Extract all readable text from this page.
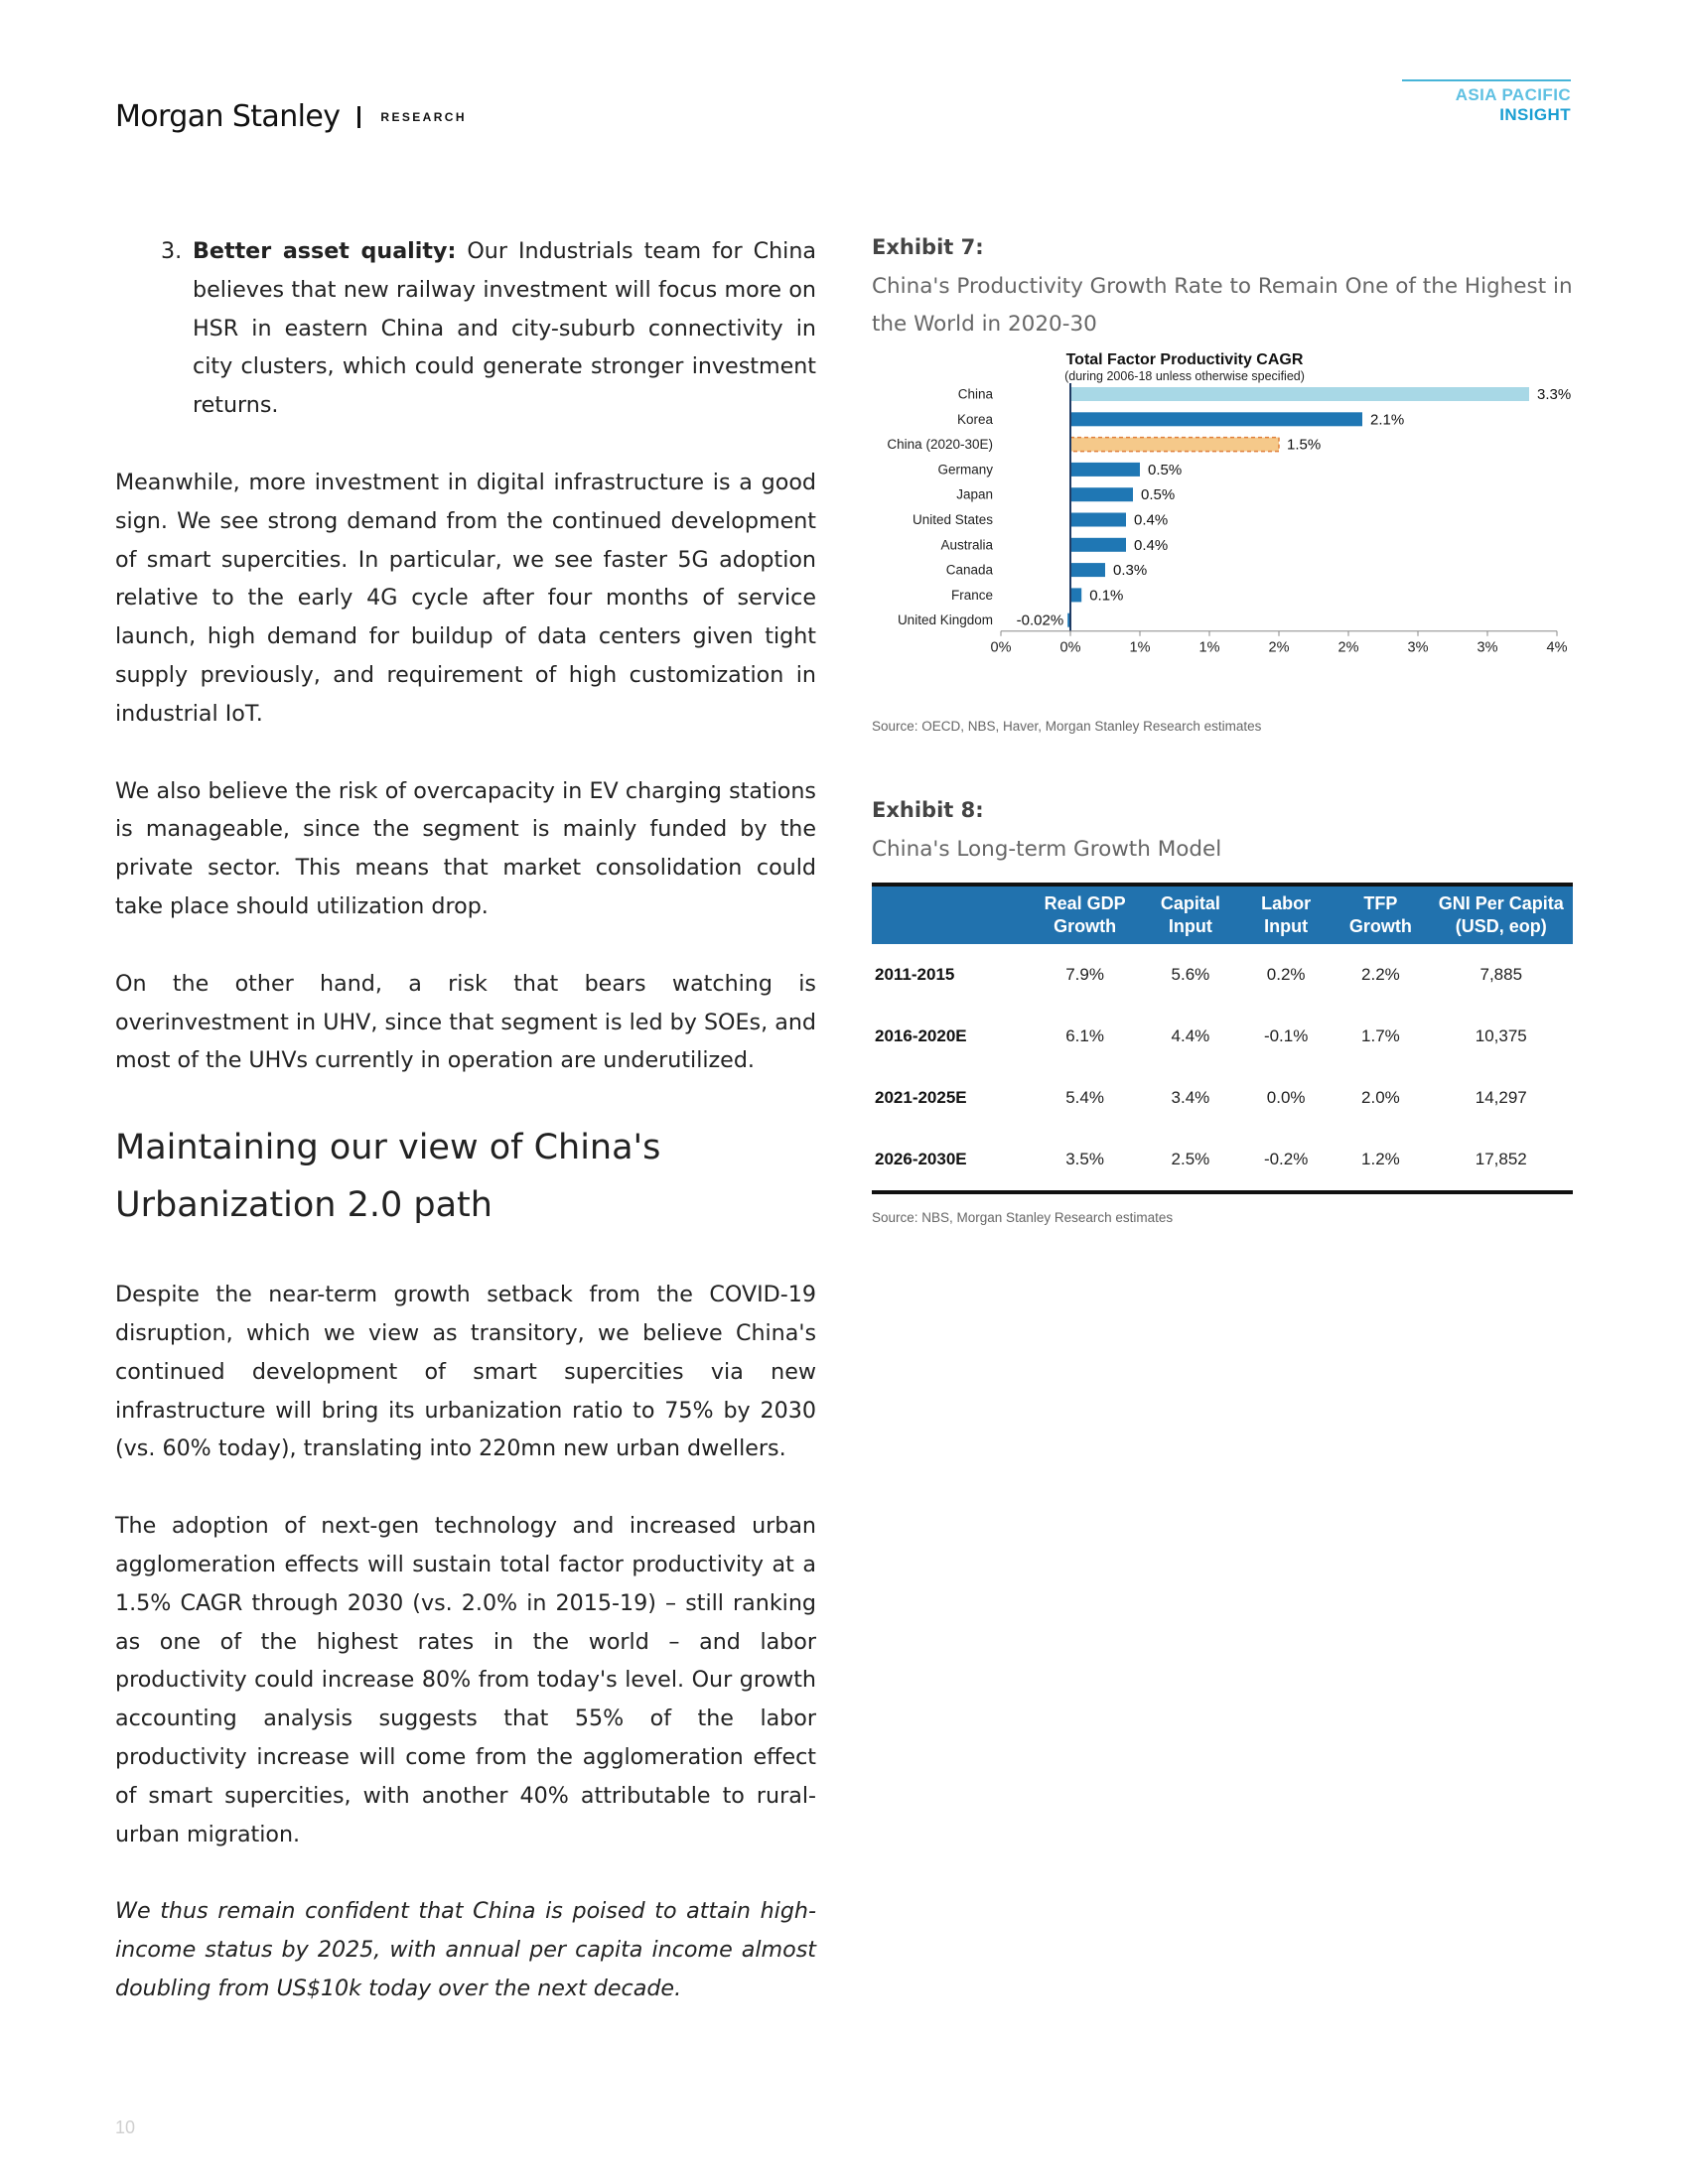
Morgan Stanley	RESEARCH
ASIA PACIFIC INSIGHT
3. Better asset quality: Our Industrials team for China believes that new railway investment will focus more on HSR in eastern China and city-suburb connectivity in city clusters, which could generate stronger investment returns.

Meanwhile, more investment in digital infrastructure is a good sign. We see strong demand from the continued development of smart supercities. In particular, we see faster 5G adoption relative to the early 4G cycle after four months of service launch, high demand for buildup of data centers given tight supply previously, and requirement of high customization in industrial IoT.

We also believe the risk of overcapacity in EV charging stations is manageable, since the segment is mainly funded by the private sector. This means that market consolidation could take place should utilization drop.

On the other hand, a risk that bears watching is overinvestment in UHV, since that segment is led by SOEs, and most of the UHVs currently in operation are underutilized.

Maintaining our view of China's Urbanization 2.0 path

Despite the near-term growth setback from the COVID-19 disruption, which we view as transitory, we believe China's continued development of smart supercities via new infrastructure will bring its urbanization ratio to 75% by 2030 (vs. 60% today), translating into 220mn new urban dwellers.

The adoption of next-gen technology and increased urban agglomeration effects will sustain total factor productivity at a 1.5% CAGR through 2030 (vs. 2.0% in 2015-19) – still ranking as one of the highest rates in the world – and labor productivity could increase 80% from today's level. Our growth accounting analysis suggests that 55% of the labor productivity increase will come from the agglomeration effect of smart supercities, with another 40% attributable to rural-urban migration.

We thus remain confident that China is poised to attain high-income status by 2025, with annual per capita income almost doubling from US$10k today over the next decade.

Exhibit 7:

China's Productivity Growth Rate to Remain One of the Highest in the World in 2020-30

Total Factor Productivity CAGR
(during 2006-18 unless otherwise specified)
China	3.3%
Korea	2.1%
China (2020-30E)	1.5%
Germany	0.5%
Japan	0.5%
United States	0.4%
Australia	0.4%
Canada	0.3%
France	0.1%
United Kingdom -0.02%
0%	0%	1%	1%	2%	2%	3%	3%	4%
Source: OECD, NBS, Haver, Morgan Stanley Research estimates
Exhibit 8:

China's Long-term Growth Model

	Real GDP Growth	Capital Input	Labor Input	TFP Growth	GNI Per Capita (USD, eop)
2011-2015	7.9%	5.6%	0.2%	2.2%	7,885
2016-2020E	6.1%	4.4%	-0.1%	1.7%	10,375
2021-2025E	5.4%	3.4%	0.0%	2.0%	14,297
2026-2030E	3.5%	2.5%	-0.2%	1.2%	17,852
Source: NBS, Morgan Stanley Research estimates
10
